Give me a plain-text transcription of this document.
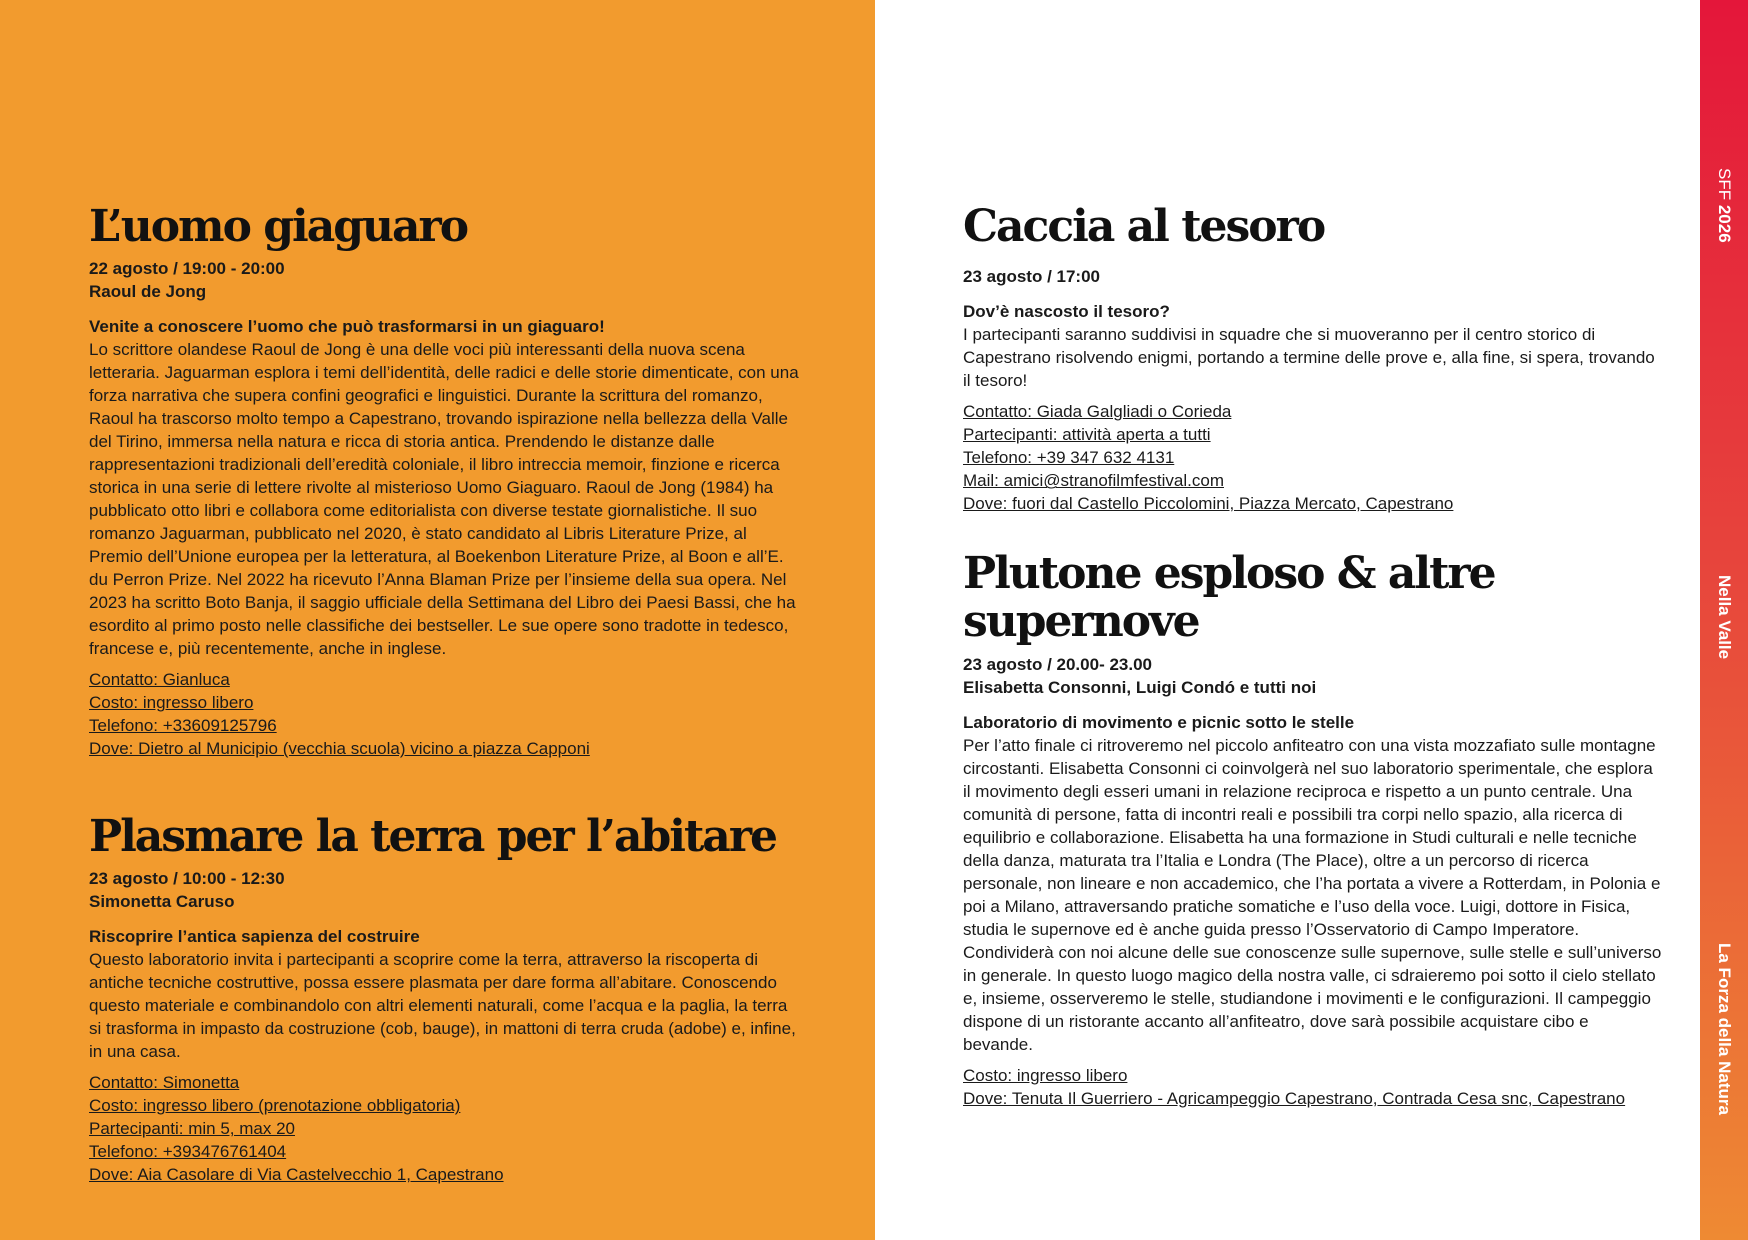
SFF 2026
Nella Valle
La Forza della Natura
L’uomo giaguaro
22 agosto / 19:00 - 20:00
Raoul de Jong
Venite a conoscere l’uomo che può trasformarsi in un giaguaro!
Lo scrittore olandese Raoul de Jong è una delle voci più interessanti della nuova scena letteraria. Jaguarman esplora i temi dell’identità, delle radici e delle storie dimenticate, con una forza narrativa che supera confini geografici e linguistici. Durante la scrittura del romanzo, Raoul ha trascorso molto tempo a Capestrano, trovando ispirazione nella bellezza della Valle del Tirino, immersa nella natura e ricca di storia antica. Prendendo le distanze dalle rappresentazioni tradizionali dell’eredità coloniale, il libro intreccia memoir, finzione e ricerca storica in una serie di lettere rivolte al misterioso Uomo Giaguaro. Raoul de Jong (1984) ha pubblicato otto libri e collabora come editorialista con diverse testate giornalistiche. Il suo romanzo Jaguarman, pubblicato nel 2020, è stato candidato al Libris Literature Prize, al Premio dell’Unione europea per la letteratura, al Boekenbon Literature Prize, al Boon e all’E. du Perron Prize. Nel 2022 ha ricevuto l’Anna Blaman Prize per l’insieme della sua opera. Nel 2023 ha scritto Boto Banja, il saggio ufficiale della Settimana del Libro dei Paesi Bassi, che ha esordito al primo posto nelle classifiche dei bestseller. Le sue opere sono tradotte in tedesco, francese e, più recentemente, anche in inglese.
Contatto: Gianluca
Costo: ingresso libero
Telefono: +33609125796
Dove: Dietro al Municipio (vecchia scuola) vicino a piazza Capponi
Plasmare la terra per l’abitare
23 agosto / 10:00 - 12:30
Simonetta Caruso
Riscoprire l’antica sapienza del costruire
Questo laboratorio invita i partecipanti a scoprire come la terra, attraverso la riscoperta di antiche tecniche costruttive, possa essere plasmata per dare forma all’abitare. Conoscendo questo materiale e combinandolo con altri elementi naturali, come l’acqua e la paglia, la terra si trasforma in impasto da costruzione (cob, bauge), in mattoni di terra cruda (adobe) e, infine, in una casa.
Contatto: Simonetta
Costo: ingresso libero (prenotazione obbligatoria)
Partecipanti: min 5, max 20
Telefono: +393476761404
Dove: Aia Casolare di Via Castelvecchio 1, Capestrano
Caccia al tesoro
23 agosto / 17:00
Dov’è nascosto il tesoro?
I partecipanti saranno suddivisi in squadre che si muoveranno per il centro storico di Capestrano risolvendo enigmi, portando a termine delle prove e, alla fine, si spera, trovando il tesoro!
Contatto: Giada Galgliadi o Corieda
Partecipanti: attività aperta a tutti
Telefono: +39 347 632 4131
Mail: amici@stranofilmfestival.com
Dove: fuori dal Castello Piccolomini, Piazza Mercato, Capestrano
Plutone esploso & altre supernove
23 agosto / 20.00- 23.00
Elisabetta Consonni, Luigi Condó e tutti noi
Laboratorio di movimento e picnic sotto le stelle
Per l’atto finale ci ritroveremo nel piccolo anfiteatro con una vista mozzafiato sulle montagne circostanti. Elisabetta Consonni ci coinvolgerà nel suo laboratorio sperimentale, che esplora il movimento degli esseri umani in relazione reciproca e rispetto a un punto centrale. Una comunità di persone, fatta di incontri reali e possibili tra corpi nello spazio, alla ricerca di equilibrio e collaborazione. Elisabetta ha una formazione in Studi culturali e nelle tecniche della danza, maturata tra l’Italia e Londra (The Place), oltre a un percorso di ricerca personale, non lineare e non accademico, che l’ha portata a vivere a Rotterdam, in Polonia e poi a Milano, attraversando pratiche somatiche e l’uso della voce. Luigi, dottore in Fisica, studia le supernove ed è anche guida presso l’Osservatorio di Campo Imperatore. Condividerà con noi alcune delle sue conoscenze sulle supernove, sulle stelle e sull’universo in generale. In questo luogo magico della nostra valle, ci sdraieremo poi sotto il cielo stellato e, insieme, osserveremo le stelle, studiandone i movimenti e le configurazioni. Il campeggio dispone di un ristorante accanto all’anfiteatro, dove sarà possibile acquistare cibo e bevande.
Costo: ingresso libero
Dove: Tenuta Il Guerriero - Agricampeggio Capestrano, Contrada Cesa snc, Capestrano
